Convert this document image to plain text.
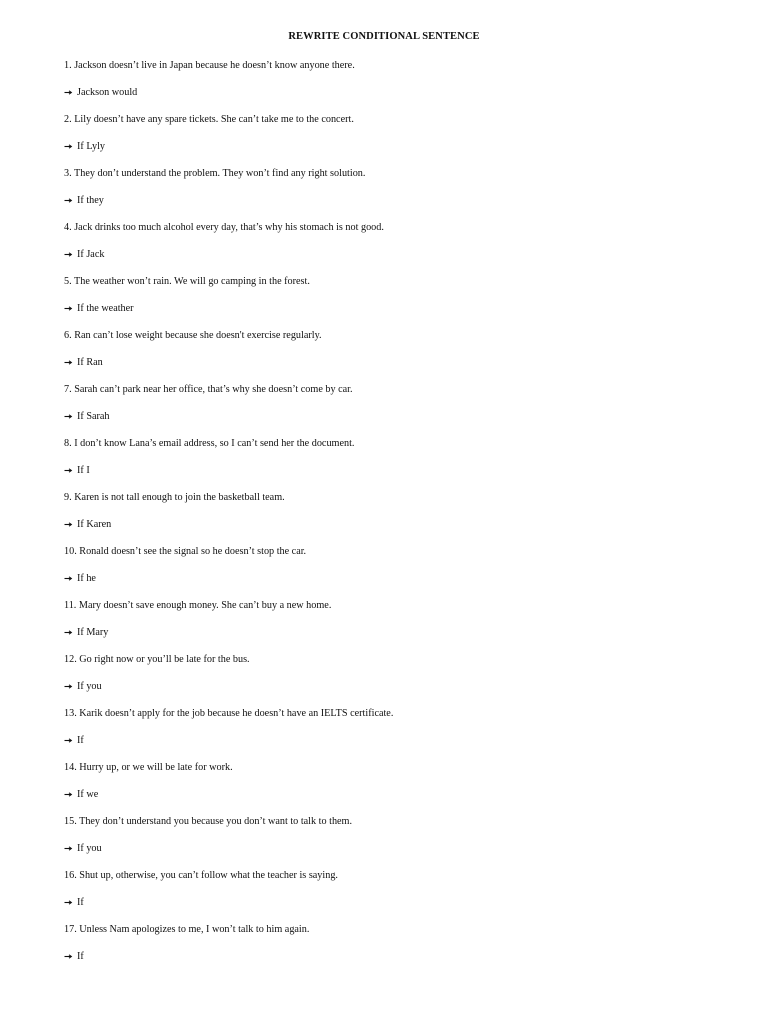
REWRITE CONDITIONAL SENTENCE
1. Jackson doesn’t live in Japan because he doesn’t know anyone there.
Jackson would
2. Lily doesn’t have any spare tickets. She can’t take me to the concert.
If Lyly
3. They don’t understand the problem. They won’t find any right solution.
If they
4. Jack drinks too much alcohol every day, that’s why his stomach is not good.
If Jack
5. The weather won’t rain. We will go camping in the forest.
If the weather
6. Ran can’t lose weight because she doesn't exercise regularly.
If Ran
7. Sarah can’t park near her office, that’s why she doesn’t come by car.
If Sarah
8. I don’t know Lana’s email address, so I can’t send her the document.
If I
9. Karen is not tall enough to join the basketball team.
If Karen
10. Ronald doesn’t see the signal so he doesn’t stop the car.
If he
11. Mary doesn’t save enough money. She can’t buy a new home.
If Mary
12. Go right now or you’ll be late for the bus.
If you
13. Karik doesn’t apply for the job because he doesn’t have an IELTS certificate.
If
14. Hurry up, or we will be late for work.
If we
15. They don’t understand you because you don’t want to talk to them.
If you
16. Shut up, otherwise, you can’t follow what the teacher is saying.
If
17. Unless Nam apologizes to me, I won’t talk to him again.
If
